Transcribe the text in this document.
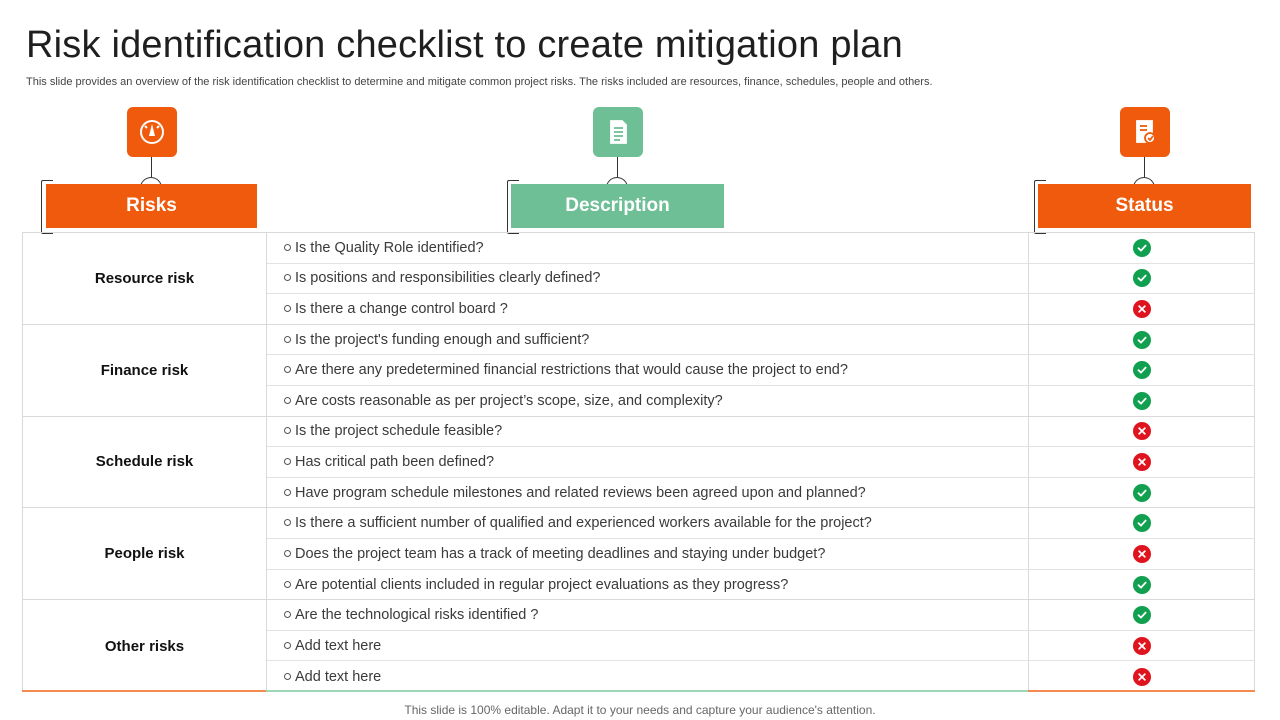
Risk identification checklist to create mitigation plan
This slide provides an overview of the risk identification checklist to determine and mitigate common project risks. The risks included are resources, finance, schedules, people and others.
Risks	Description	Status
Resource risk
Is the Quality Role identified?
Is positions and responsibilities clearly defined?
Is there a change control board ?
Finance risk
Is the project's funding enough and sufficient?
Are there any predetermined financial restrictions that would cause the project to end?
Are costs reasonable as per project’s scope, size, and complexity?
Schedule risk
Is the project schedule feasible?
Has critical path been defined?
Have program schedule milestones and related reviews been agreed upon and planned?
People risk
Is there a sufficient number of qualified and experienced workers available for the project?
Does the project team has a track of meeting deadlines and staying under budget?
Are potential clients included in regular project evaluations as they progress?
Other risks
Are the technological risks identified ?
Add text here
Add text here
This slide is 100% editable. Adapt it to your needs and capture your audience's attention.
